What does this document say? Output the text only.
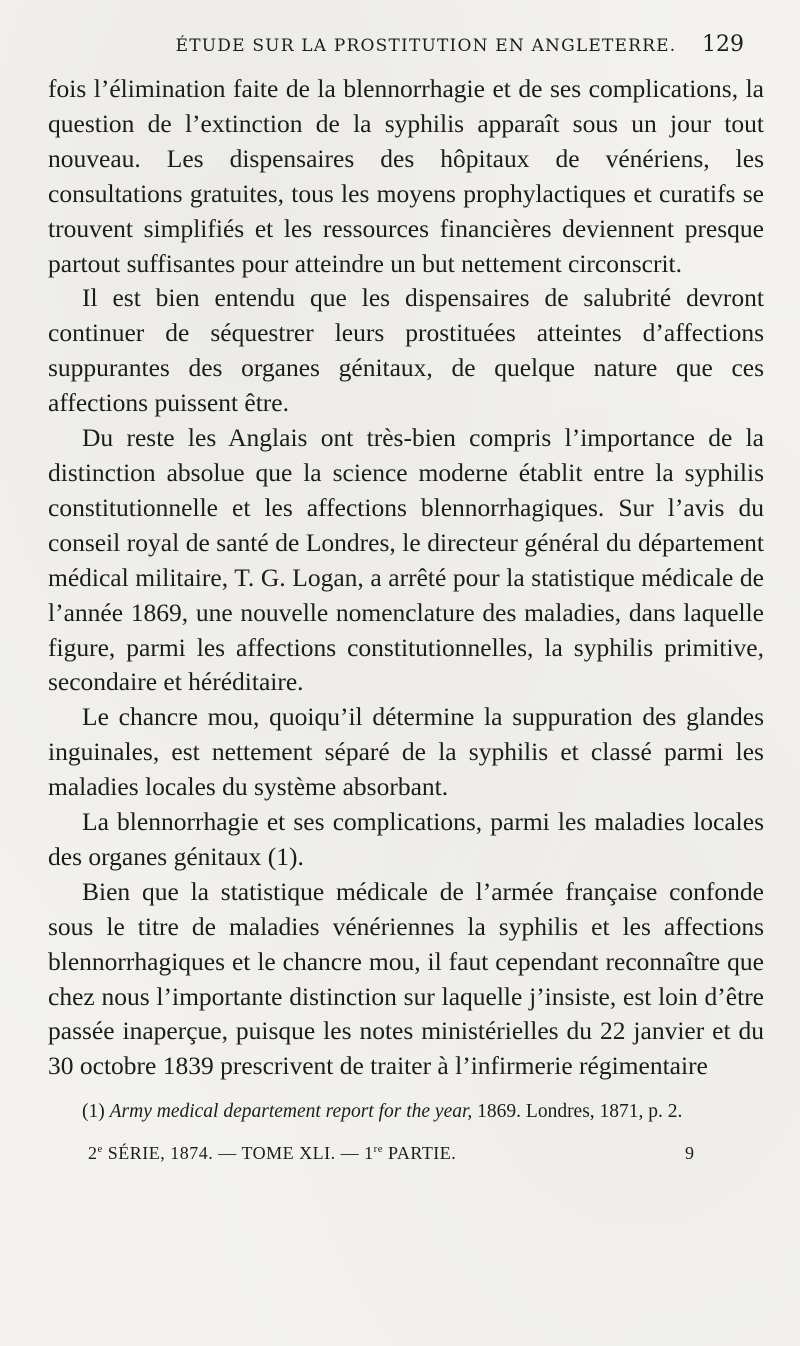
ÉTUDE SUR LA PROSTITUTION EN ANGLETERRE. 129

fois l’élimination faite de la blennorrhagie et de ses complications, la question de l’extinction de la syphilis apparaît sous un jour tout nouveau. Les dispensaires des hôpitaux de vénériens, les consultations gratuites, tous les moyens prophylactiques et curatifs se trouvent simplifiés et les ressources financières deviennent presque partout suffisantes pour atteindre un but nettement circonscrit.

Il est bien entendu que les dispensaires de salubrité devront continuer de séquestrer leurs prostituées atteintes d’affections suppurantes des organes génitaux, de quelque nature que ces affections puissent être.

Du reste les Anglais ont très-bien compris l’importance de la distinction absolue que la science moderne établit entre la syphilis constitutionnelle et les affections blennorrhagiques. Sur l’avis du conseil royal de santé de Londres, le directeur général du département médical militaire, T. G. Logan, a arrêté pour la statistique médicale de l’année 1869, une nouvelle nomenclature des maladies, dans laquelle figure, parmi les affections constitutionnelles, la syphilis primitive, secondaire et héréditaire.

Le chancre mou, quoiqu’il détermine la suppuration des glandes inguinales, est nettement séparé de la syphilis et classé parmi les maladies locales du système absorbant.

La blennorrhagie et ses complications, parmi les maladies locales des organes génitaux (1).

Bien que la statistique médicale de l’armée française confonde sous le titre de maladies vénériennes la syphilis et les affections blennorrhagiques et le chancre mou, il faut cependant reconnaître que chez nous l’importante distinction sur laquelle j’insiste, est loin d’être passée inaperçue, puisque les notes ministérielles du 22 janvier et du 30 octobre 1839 prescrivent de traiter à l’infirmerie régimentaire

(1) Army medical departement report for the year, 1869. Londres, 1871, p. 2.
2e SÉRIE, 1874. — TOME XLI. — 1re PARTIE.	9
